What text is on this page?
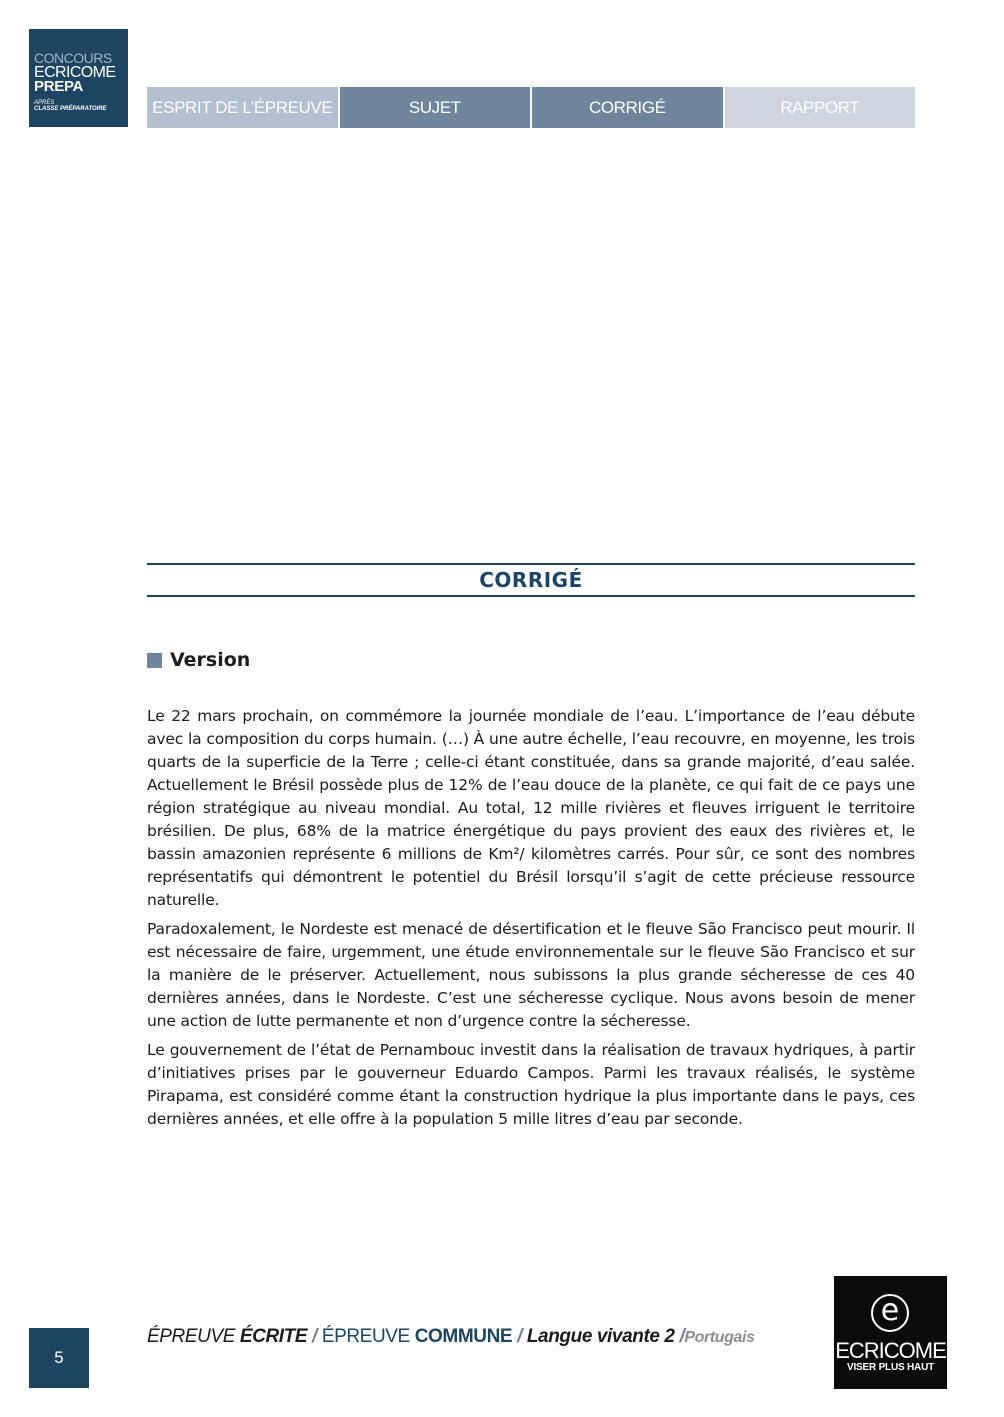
CONCOURS
ECRICOME
PREPA
APRÈS
CLASSE PRÉPARATOIRE	ESPRIT DE L’ÉPREUVE	SUJET	CORRIGÉ	RAPPORT
CORRIGÉ
Version

Le 22 mars prochain, on commémore la journée mondiale de l’eau. L’importance de l’eau débute avec la composition du corps humain. (…) À une autre échelle, l’eau recouvre, en moyenne, les trois quarts de la superficie de la Terre ; celle-ci étant constituée, dans sa grande majorité, d’eau salée. Actuellement le Brésil possède plus de 12% de l’eau douce de la planète, ce qui fait de ce pays une région stratégique au niveau mondial. Au total, 12 mille rivières et fleuves irriguent le territoire brésilien. De plus, 68% de la matrice énergétique du pays provient des eaux des rivières et, le bassin amazonien représente 6 millions de Km²/ kilomètres carrés. Pour sûr, ce sont des nombres représentatifs qui démontrent le potentiel du Brésil lorsqu’il s’agit de cette précieuse ressource naturelle.

Paradoxalement, le Nordeste est menacé de désertification et le fleuve São Francisco peut mourir. Il est nécessaire de faire, urgemment, une étude environnementale sur le fleuve São Francisco et sur la manière de le préserver. Actuellement, nous subissons la plus grande sécheresse de ces 40 dernières années, dans le Nordeste. C’est une sécheresse cyclique. Nous avons besoin de mener une action de lutte permanente et non d’urgence contre la sécheresse.

Le gouvernement de l’état de Pernambouc investit dans la réalisation de travaux hydriques, à partir d’initiatives prises par le gouverneur Eduardo Campos. Parmi les travaux réalisés, le système Pirapama, est considéré comme étant la construction hydrique la plus importante dans le pays, ces dernières années, et elle offre à la population 5 mille litres d’eau par seconde.

5
ÉPREUVE ÉCRITE / ÉPREUVE COMMUNE / Langue vivante 2 /Portugais
e
ECRICOME
VISER PLUS HAUT
